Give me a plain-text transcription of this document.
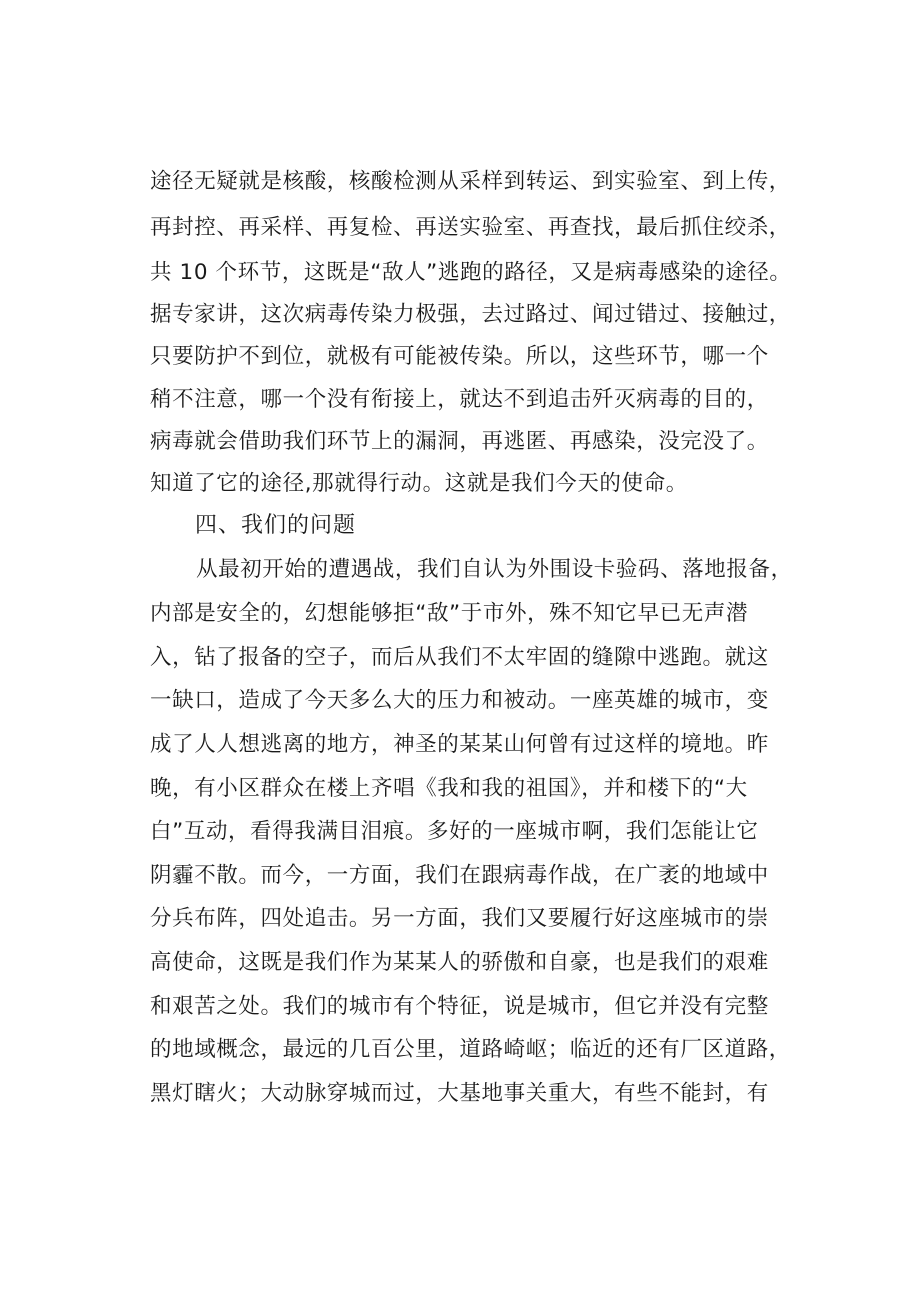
途径无疑就是核酸，核酸检测从采样到转运、到实验室、到上传，
再封控、再采样、再复检、再送实验室、再查找，最后抓住绞杀，
共 10 个环节，这既是“敌人”逃跑的路径，又是病毒感染的途径。
据专家讲，这次病毒传染力极强，去过路过、闻过错过、接触过，
只要防护不到位，就极有可能被传染。所以，这些环节，哪一个
稍不注意，哪一个没有衔接上，就达不到追击歼灭病毒的目的，
病毒就会借助我们环节上的漏洞，再逃匿、再感染，没完没了。
知道了它的途径,那就得行动。这就是我们今天的使命。
四、我们的问题
从最初开始的遭遇战，我们自认为外围设卡验码、落地报备，
内部是安全的，幻想能够拒“敌”于市外，殊不知它早已无声潜
入，钻了报备的空子，而后从我们不太牢固的缝隙中逃跑。就这
一缺口，造成了今天多么大的压力和被动。一座英雄的城市，变
成了人人想逃离的地方，神圣的某某山何曾有过这样的境地。昨
晚，有小区群众在楼上齐唱《我和我的祖国》，并和楼下的“大
白”互动，看得我满目泪痕。多好的一座城市啊，我们怎能让它
阴霾不散。而今，一方面，我们在跟病毒作战，在广袤的地域中
分兵布阵，四处追击。另一方面，我们又要履行好这座城市的崇
高使命，这既是我们作为某某人的骄傲和自豪，也是我们的艰难
和艰苦之处。我们的城市有个特征，说是城市，但它并没有完整
的地域概念，最远的几百公里，道路崎岖；临近的还有厂区道路，
黑灯瞎火；大动脉穿城而过，大基地事关重大，有些不能封，有
